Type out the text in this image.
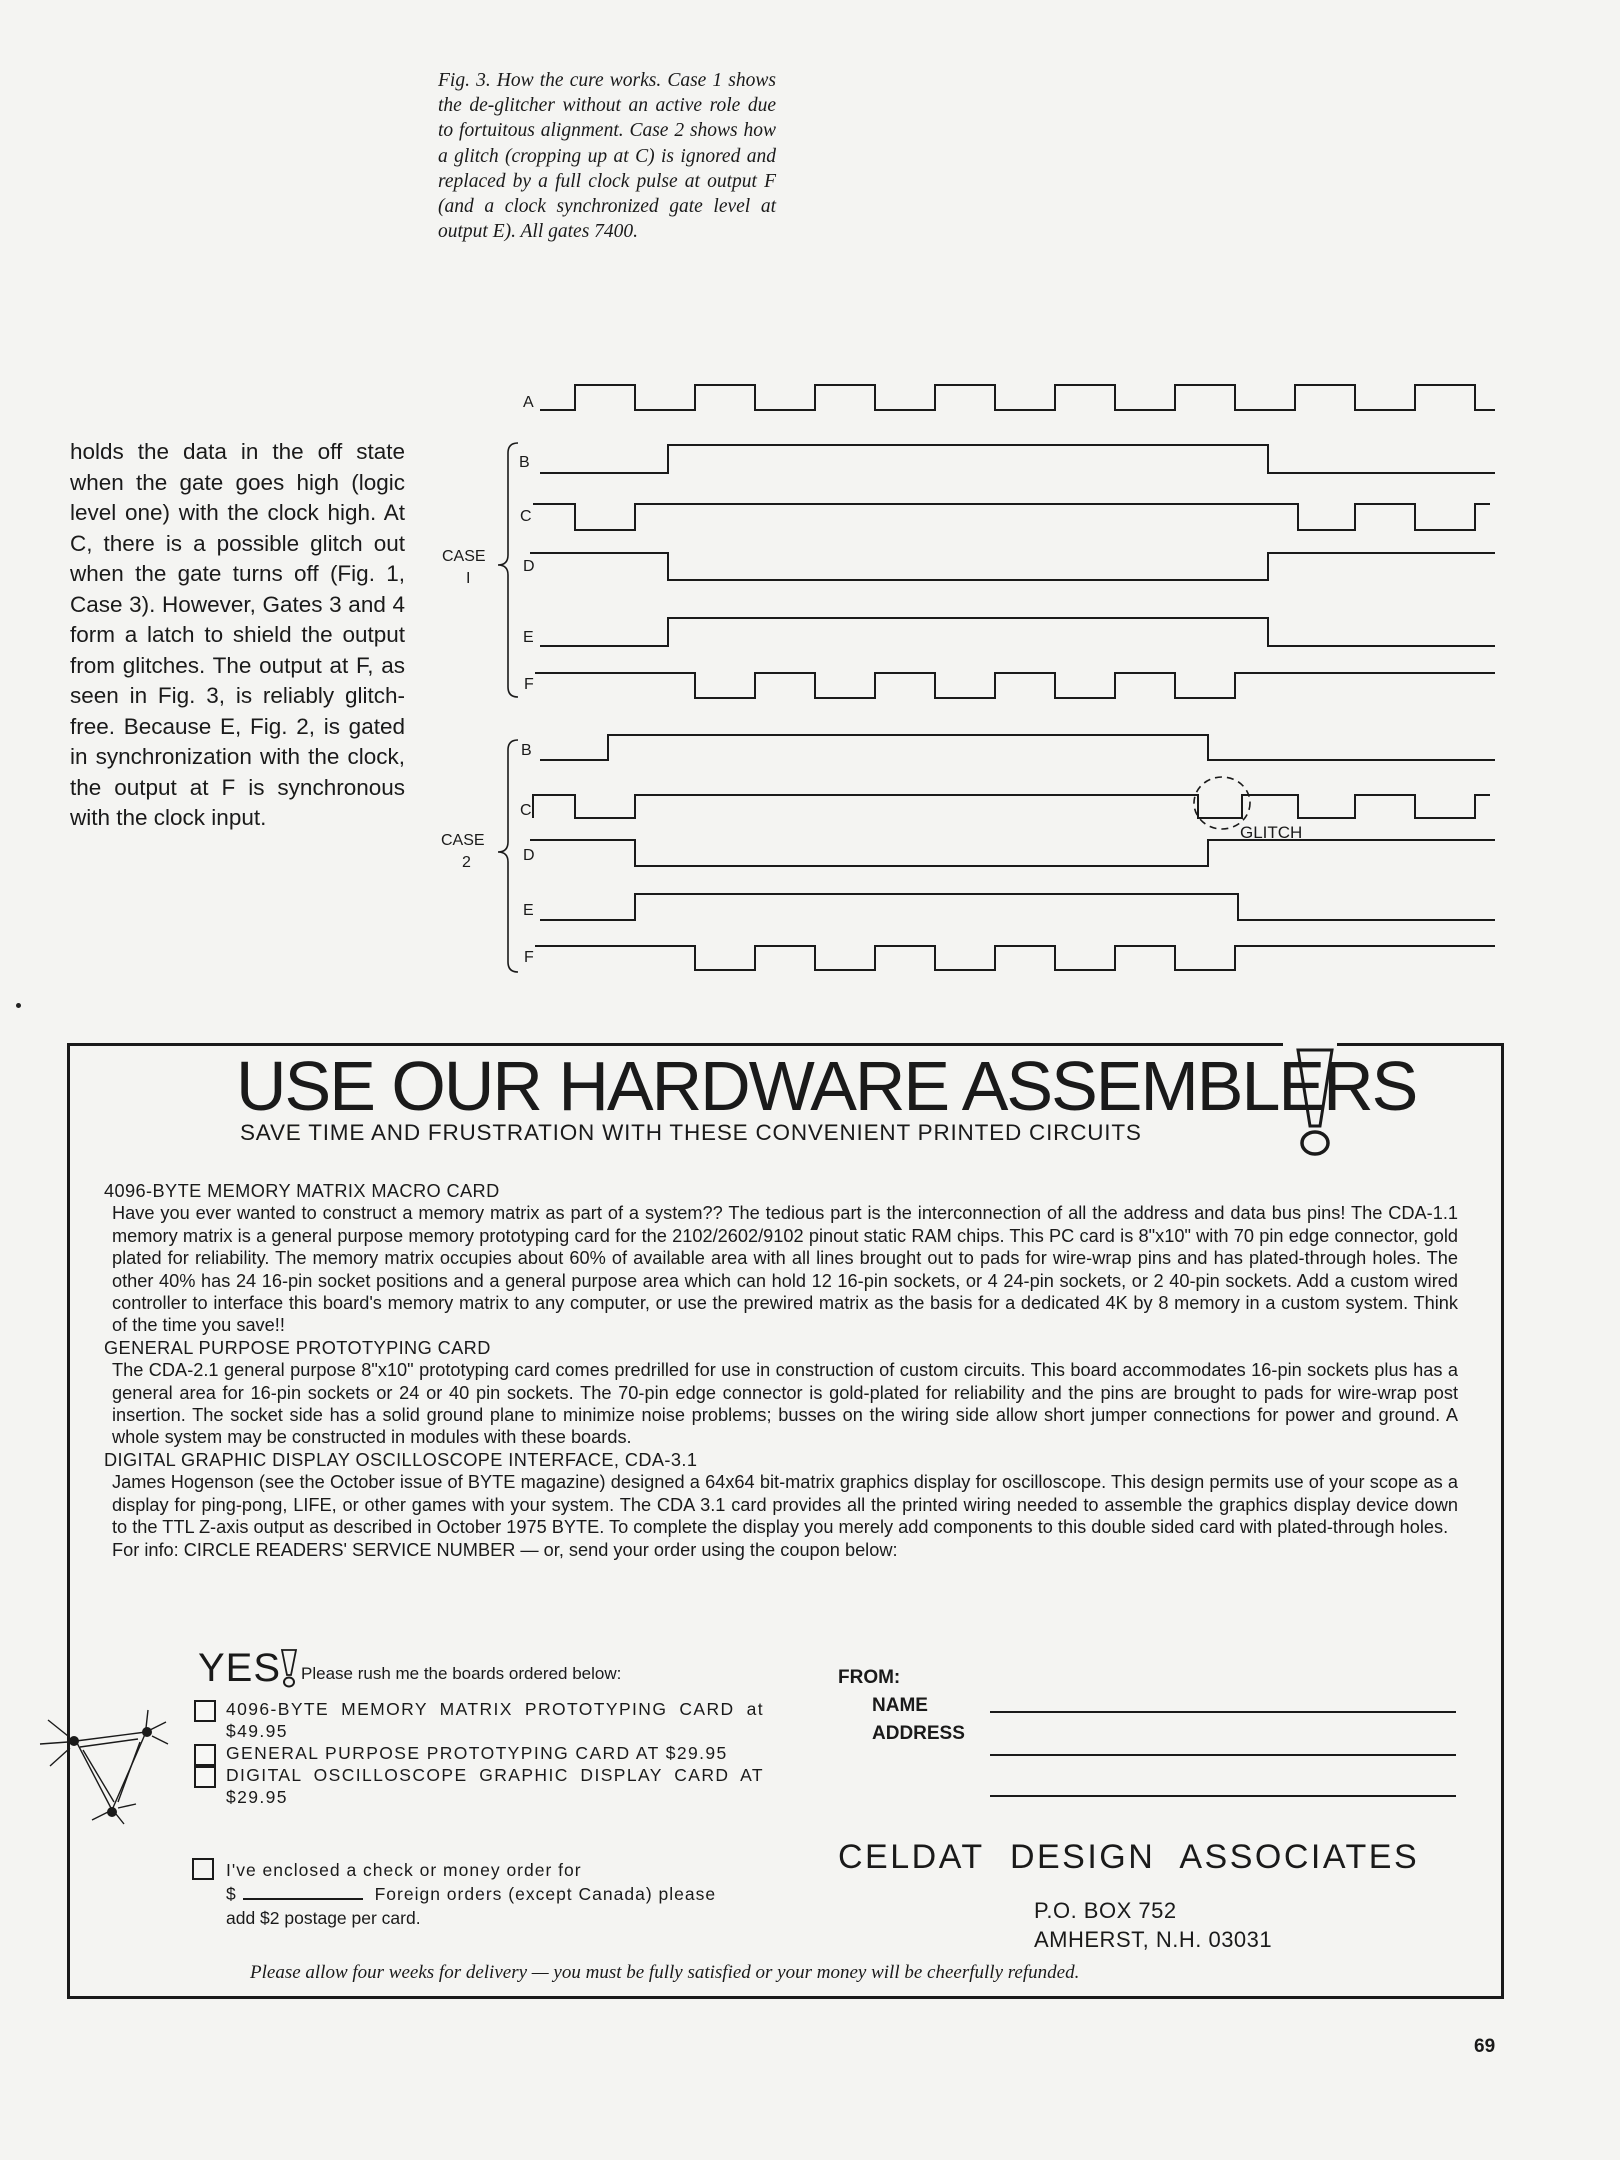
Fig. 3. How the cure works. Case 1 shows the de-glitcher without an active role due to fortuitous alignment. Case 2 shows how a glitch (cropping up at C) is ignored and replaced by a full clock pulse at output F (and a clock synchronized gate level at output E). All gates 7400.

holds the data in the off state when the gate goes high (logic level one) with the clock high. At C, there is a possible glitch out when the gate turns off (Fig. 1, Case 3). However, Gates 3 and 4 form a latch to shield the output from glitches. The output at F, as seen in Fig. 3, is reliably glitch-free. Because E, Fig. 2, is gated in synchronization with the clock, the output at F is synchronous with the clock input.

A
CASE
I
B
C
D
E
F
CASE
2
B
C
GLITCH
D
E
F
USE OUR HARDWARE ASSEMBLERS

SAVE TIME AND FRUSTRATION WITH THESE CONVENIENT PRINTED CIRCUITS

4096-BYTE MEMORY MATRIX MACRO CARD
Have you ever wanted to construct a memory matrix as part of a system?? The tedious part is the interconnection of all the address and data bus pins! The CDA-1.1 memory matrix is a general purpose memory prototyping card for the 2102/2602/9102 pinout static RAM chips. This PC card is 8"x10" with 70 pin edge connector, gold plated for reliability. The memory matrix occupies about 60% of available area with all lines brought out to pads for wire-wrap pins and has plated-through holes. The other 40% has 24 16-pin socket positions and a general purpose area which can hold 12 16-pin sockets, or 4 24-pin sockets, or 2 40-pin sockets. Add a custom wired controller to interface this board's memory matrix to any computer, or use the prewired matrix as the basis for a dedicated 4K by 8 memory in a custom system. Think of the time you save!!
GENERAL PURPOSE PROTOTYPING CARD
The CDA-2.1 general purpose 8"x10" prototyping card comes predrilled for use in construction of custom circuits. This board accommodates 16-pin sockets plus has a general area for 16-pin sockets or 24 or 40 pin sockets. The 70-pin edge connector is gold-plated for reliability and the pins are brought to pads for wire-wrap post insertion. The socket side has a solid ground plane to minimize noise problems; busses on the wiring side allow short jumper connections for power and ground. A whole system may be constructed in modules with these boards.
DIGITAL GRAPHIC DISPLAY OSCILLOSCOPE INTERFACE, CDA-3.1
James Hogenson (see the October issue of BYTE magazine) designed a 64x64 bit-matrix graphics display for oscilloscope. This design permits use of your scope as a display for ping-pong, LIFE, or other games with your system. The CDA 3.1 card provides all the printed wiring needed to assemble the graphics display device down to the TTL Z-axis output as described in October 1975 BYTE. To complete the display you merely add components to this double sided card with plated-through holes.
For info: CIRCLE READERS' SERVICE NUMBER — or, send your order using the coupon below:
YES Please rush me the boards ordered below:
4096-BYTE MEMORY MATRIX PROTOTYPING CARD at $49.95
GENERAL PURPOSE PROTOTYPING CARD AT $29.95
DIGITAL OSCILLOSCOPE GRAPHIC DISPLAY CARD AT $29.95
I've enclosed a check or money order for
$	Foreign orders (except Canada) please
add $2 postage per card.
FROM:
NAME
ADDRESS
CELDAT DESIGN ASSOCIATES
P.O. BOX 752
AMHERST, N.H. 03031
Please allow four weeks for delivery — you must be fully satisfied or your money will be cheerfully refunded.
69
